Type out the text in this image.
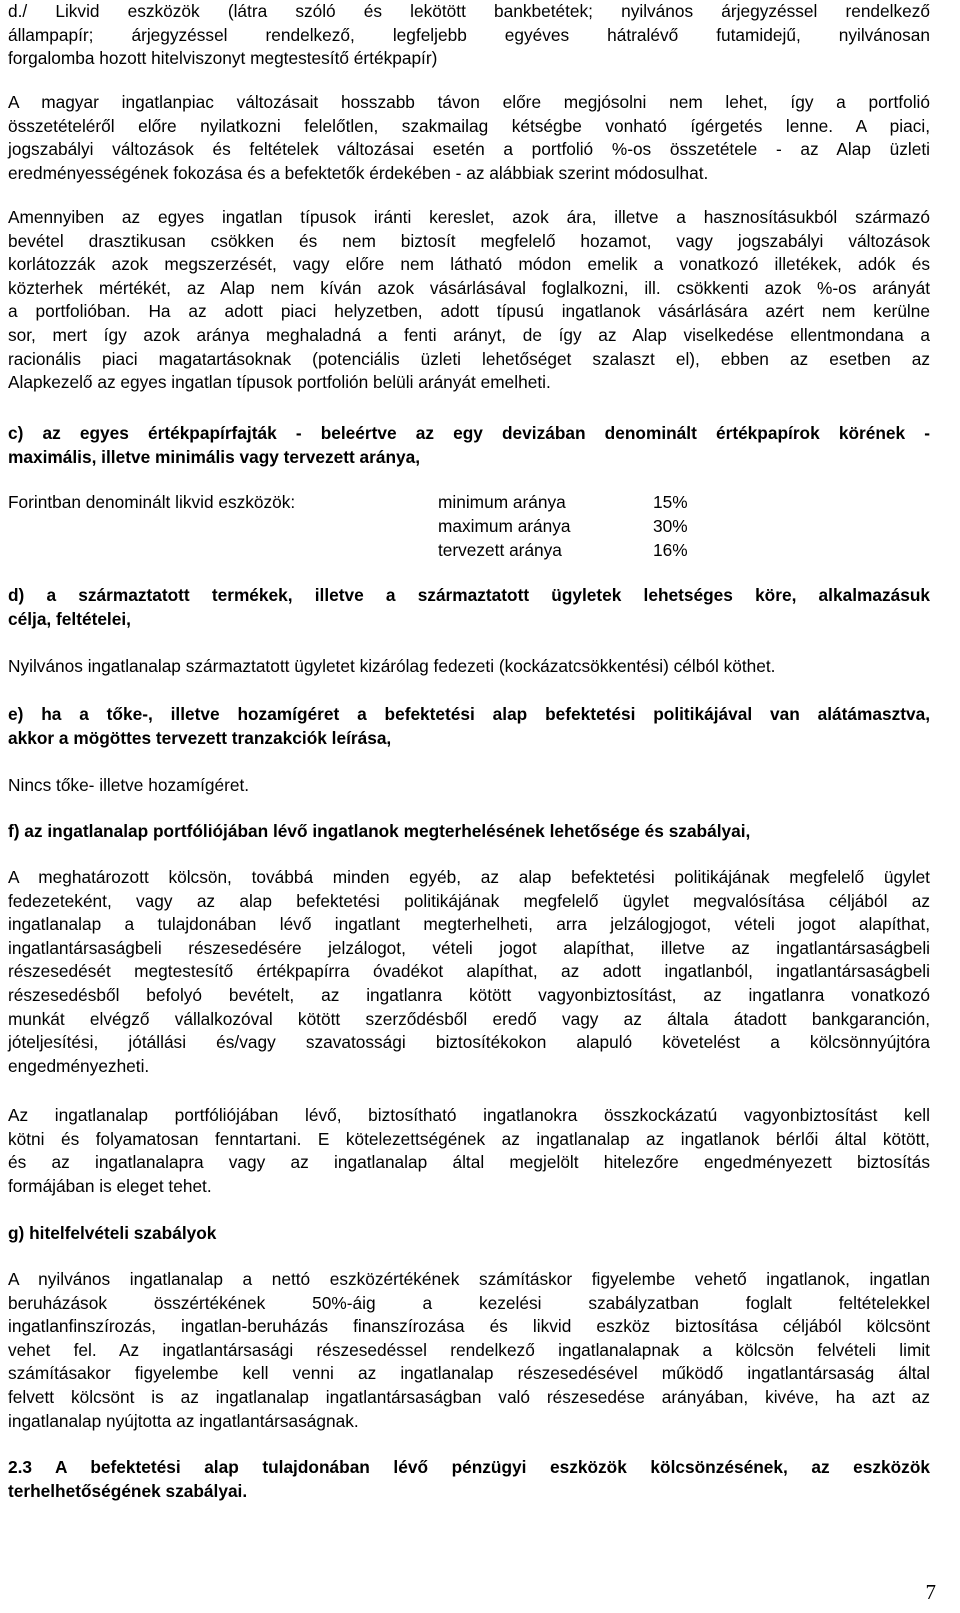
d./ Likvid eszközök (látra szóló és lekötött bankbetétek; nyilvános árjegyzéssel rendelkező
állampapír; árjegyzéssel rendelkező, legfeljebb egyéves hátralévő futamidejű, nyilvánosan
forgalomba hozott hitelviszonyt megtestesítő értékpapír)
A magyar ingatlanpiac változásait hosszabb távon előre megjósolni nem lehet, így a portfolió
összetételéről előre nyilatkozni felelőtlen, szakmailag kétségbe vonható ígérgetés lenne. A piaci,
jogszabályi változások és feltételek változásai esetén a portfolió %-os összetétele - az Alap üzleti
eredményességének fokozása és a befektetők érdekében - az alábbiak szerint módosulhat.
Amennyiben az egyes ingatlan típusok iránti kereslet, azok ára, illetve a hasznosításukból származó
bevétel drasztikusan csökken és nem biztosít megfelelő hozamot, vagy jogszabályi változások
korlátozzák azok megszerzését, vagy előre nem látható módon emelik a vonatkozó illetékek, adók és
közterhek mértékét, az Alap nem kíván azok vásárlásával foglalkozni, ill. csökkenti azok %-os arányát
a portfolióban. Ha az adott piaci helyzetben, adott típusú ingatlanok vásárlására azért nem kerülne
sor, mert így azok aránya meghaladná a fenti arányt, de így az Alap viselkedése ellentmondana a
racionális piaci magatartásoknak (potenciális üzleti lehetőséget szalaszt el), ebben az esetben az
Alapkezelő az egyes ingatlan típusok portfolión belüli arányát emelheti.
c) az egyes értékpapírfajták - beleértve az egy devizában denominált értékpapírok körének -
maximális, illetve minimális vagy tervezett aránya,
Forintban denominált likvid eszközök:	minimum aránya	15%
maximum aránya	30%
tervezett aránya	16%
d) a származtatott termékek, illetve a származtatott ügyletek lehetséges köre, alkalmazásuk
célja, feltételei,
Nyilvános ingatlanalap származtatott ügyletet kizárólag fedezeti (kockázatcsökkentési) célból köthet.
e) ha a tőke-, illetve hozamígéret a befektetési alap befektetési politikájával van alátámasztva,
akkor a mögöttes tervezett tranzakciók leírása,
Nincs tőke- illetve hozamígéret.
f) az ingatlanalap portfóliójában lévő ingatlanok megterhelésének lehetősége és szabályai,
A meghatározott kölcsön, továbbá minden egyéb, az alap befektetési politikájának megfelelő ügylet
fedezeteként, vagy az alap befektetési politikájának megfelelő ügylet megvalósítása céljából az
ingatlanalap a tulajdonában lévő ingatlant megterhelheti, arra jelzálogjogot, vételi jogot alapíthat,
ingatlantársaságbeli részesedésére jelzálogot, vételi jogot alapíthat, illetve az ingatlantársaságbeli
részesedését megtestesítő értékpapírra óvadékot alapíthat, az adott ingatlanból, ingatlantársaságbeli
részesedésből befolyó bevételt, az ingatlanra kötött vagyonbiztosítást, az ingatlanra vonatkozó
munkát elvégző vállalkozóval kötött szerződésből eredő vagy az általa átadott bankgaranción,
jóteljesítési, jótállási és/vagy szavatossági biztosítékokon alapuló követelést a kölcsönnyújtóra
engedményezheti.
Az ingatlanalap portfóliójában lévő, biztosítható ingatlanokra összkockázatú vagyonbiztosítást kell
kötni és folyamatosan fenntartani. E kötelezettségének az ingatlanalap az ingatlanok bérlői által kötött,
és az ingatlanalapra vagy az ingatlanalap által megjelölt hitelezőre engedményezett biztosítás
formájában is eleget tehet.
g) hitelfelvételi szabályok
A nyilvános ingatlanalap a nettó eszközértékének számításkor figyelembe vehető ingatlanok, ingatlan
beruházások összértékének 50%-áig a kezelési szabályzatban foglalt feltételekkel
ingatlanfinszírozás, ingatlan-beruházás finanszírozása és likvid eszköz biztosítása céljából kölcsönt
vehet fel. Az ingatlantársasági részesedéssel rendelkező ingatlanalapnak a kölcsön felvételi limit
számításakor figyelembe kell venni az ingatlanalap részesedésével működő ingatlantársaság által
felvett kölcsönt is az ingatlanalap ingatlantársaságban való részesedése arányában, kivéve, ha azt az
ingatlanalap nyújtotta az ingatlantársaságnak.
2.3 A befektetési alap tulajdonában lévő pénzügyi eszközök kölcsönzésének, az eszközök
terhelhetőségének szabályai.
7
